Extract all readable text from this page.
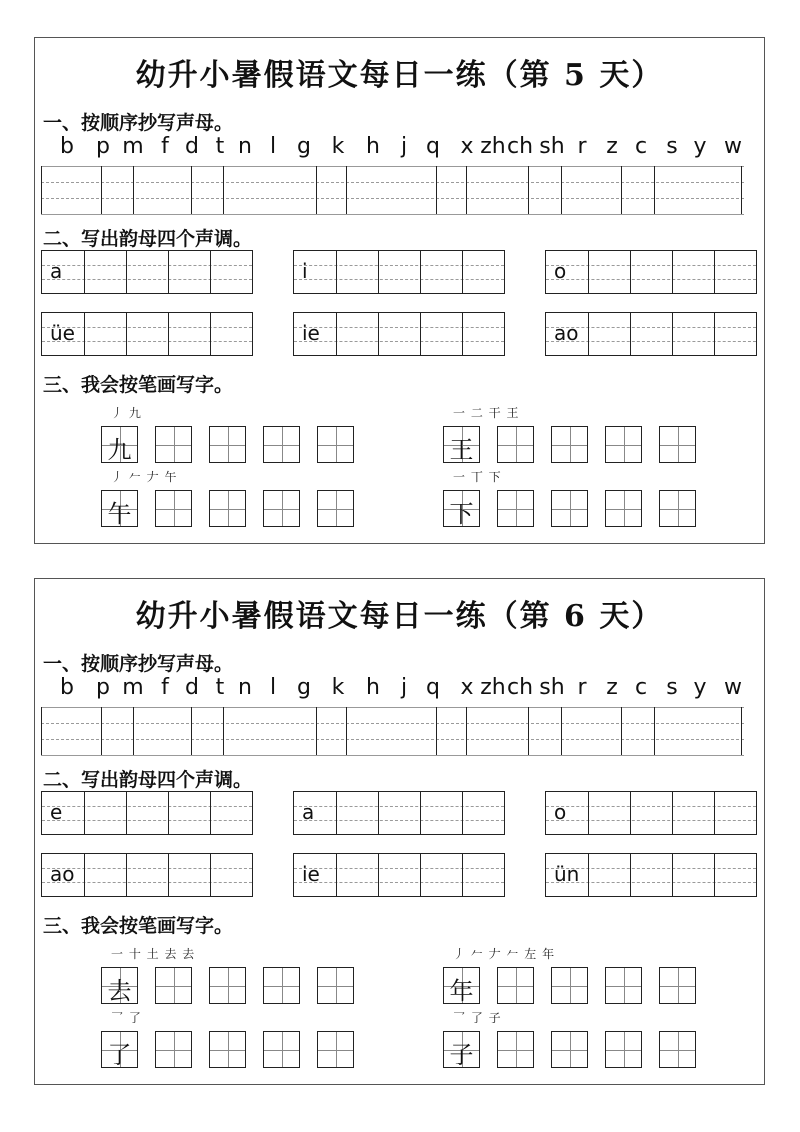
幼升小暑假语文每日一练（第 5 天）
一、按顺序抄写声母。
b p m f d t n l g k h j q x zh ch sh r z c s y w
二、写出韵母四个声调。
a	i	o
üe	ie	ao
三、我会按笔画写字。
丿 九
九
一 二 干 王
王
丿 𠂉 𠂇 午
午
一 丅 下
下
幼升小暑假语文每日一练（第 6 天）
一、按顺序抄写声母。
b p m f d t n l g k h j q x zh ch sh r z c s y w
二、写出韵母四个声调。
e	a	o
ao	ie	ün
三、我会按笔画写字。
一 十 土 去 去
去
丿 𠂉 𠂇 𠂉 左 年
年
乛 了
了
乛 了 子
子
